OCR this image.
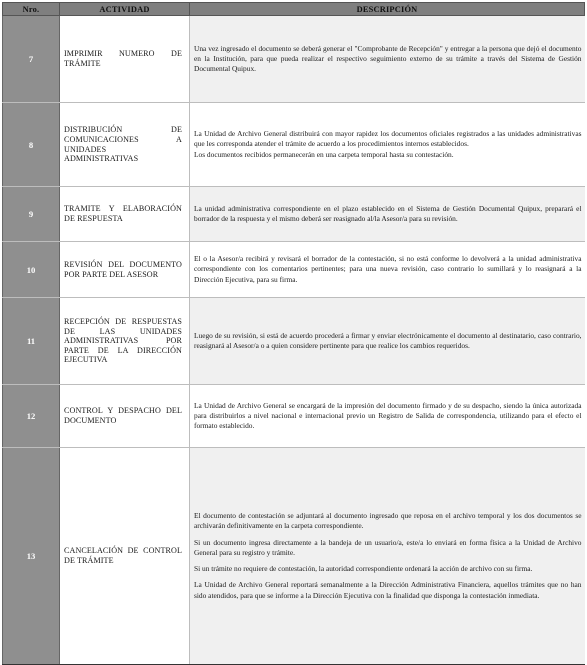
Nro.	ACTIVIDAD	DESCRIPCIÓN
7	IMPRIMIR NUMERO DE TRÁMITE	Una vez ingresado el documento se deberá generar el "Comprobante de Recepción" y entregar a la persona que dejó el documento en la Institución, para que pueda realizar el respectivo seguimiento externo de su trámite a través del Sistema de Gestión Documental Quipux.

8	DISTRIBUCIÓN DE COMUNICACIONES A UNIDADES ADMINISTRATIVAS	La Unidad de Archivo General distribuirá con mayor rapidez los documentos oficiales registrados a las unidades administrativas que les corresponda atender el trámite de acuerdo a los procedimientos internos establecidos.

Los documentos recibidos permanecerán en una carpeta temporal hasta su contestación.

9	TRAMITE Y ELABORACIÓN DE RESPUESTA	La unidad administrativa correspondiente en el plazo establecido en el Sistema de Gestión Documental Quipux, preparará el borrador de la respuesta y el mismo deberá ser reasignado al/la Asesor/a para su revisión.

10	REVISIÓN DEL DOCUMENTO POR PARTE DEL ASESOR	El o la Asesor/a recibirá y revisará el borrador de la contestación, si no está conforme lo devolverá a la unidad administrativa correspondiente con los comentarios pertinentes; para una nueva revisión, caso contrario lo sumillará y lo reasignará a la Dirección Ejecutiva, para su firma.

11	RECEPCIÓN DE RESPUESTAS DE LAS UNIDADES ADMINISTRATIVAS POR PARTE DE LA DIRECCIÓN EJECUTIVA	Luego de su revisión, si está de acuerdo procederá a firmar y enviar electrónicamente el documento al destinatario, caso contrario, reasignará al Asesor/a o a quien considere pertinente para que realice los cambios requeridos.

12	CONTROL Y DESPACHO DEL DOCUMENTO	La Unidad de Archivo General se encargará de la impresión del documento firmado y de su despacho, siendo la única autorizada para distribuirlos a nivel nacional e internacional previo un Registro de Salida de correspondencia, utilizando para el efecto el formato establecido.

13	CANCELACIÓN DE CONTROL DE TRÁMITE	El documento de contestación se adjuntará al documento ingresado que reposa en el archivo temporal y los dos documentos se archivarán definitivamente en la carpeta correspondiente.

Si un documento ingresa directamente a la bandeja de un usuario/a, este/a lo enviará en forma física a la Unidad de Archivo General para su registro y trámite.

Si un trámite no requiere de contestación, la autoridad correspondiente ordenará la acción de archivo con su firma.

La Unidad de Archivo General reportará semanalmente a la Dirección Administrativa Financiera, aquellos trámites que no han sido atendidos, para que se informe a la Dirección Ejecutiva con la finalidad que disponga la contestación inmediata.
